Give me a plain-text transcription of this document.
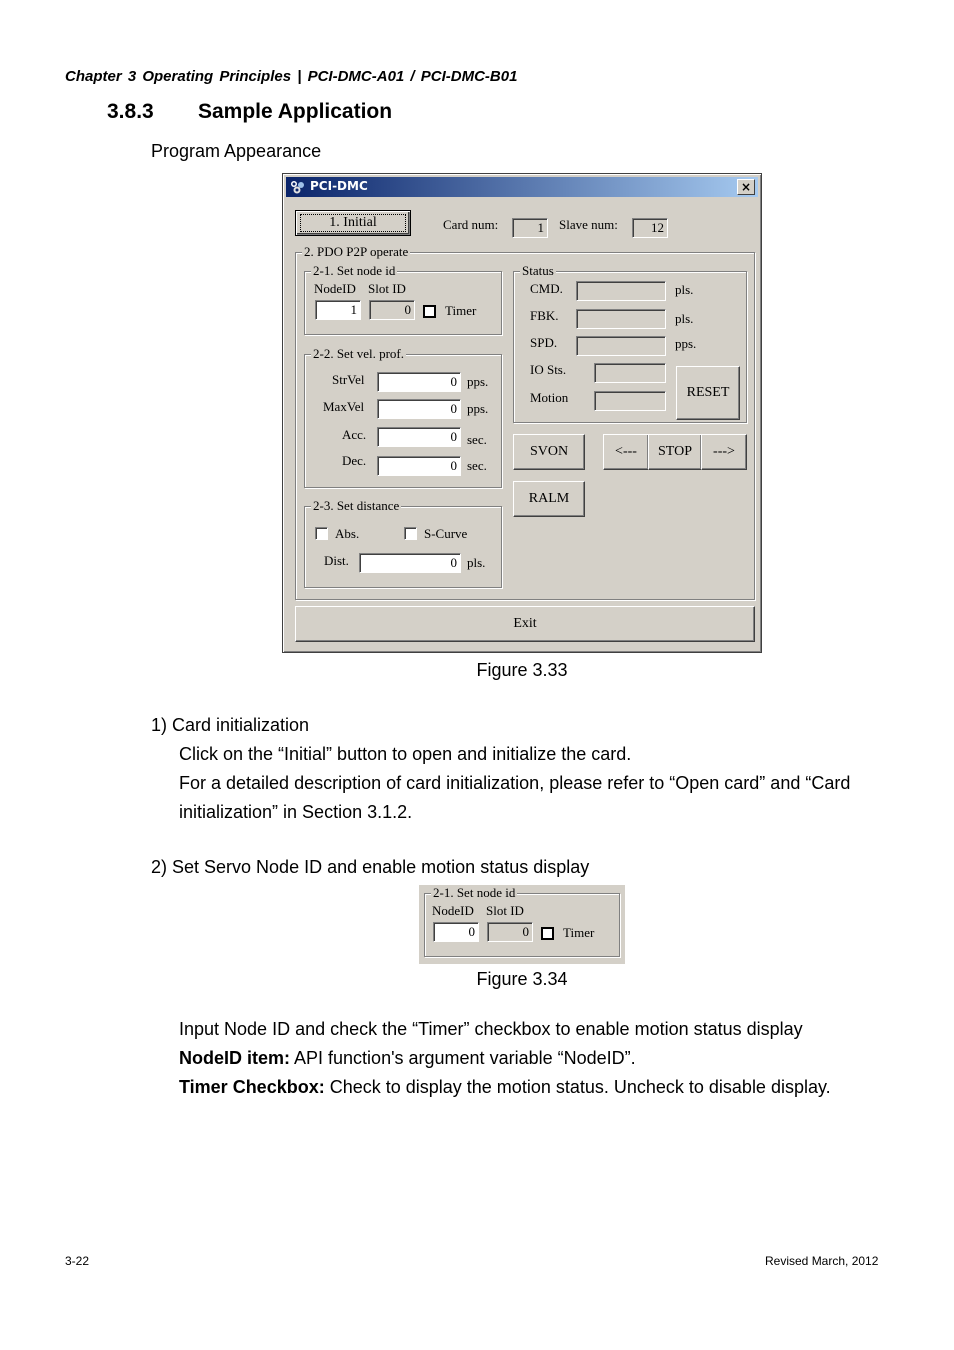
Chapter 3 Operating Principles | PCI-DMC-A01 / PCI-DMC-B01
3.8.3 Sample Application
Program Appearance
PCI-DMC	×
1. Initial	Card num:	1	Slave num:	12
2. PDO P2P operate
2-1. Set node id
NodeID Slot ID
1	0	Timer
2-2. Set vel. prof.
StrVel	0 pps.
MaxVel	0 pps.
Acc.	0 sec.
Dec.	0 sec.
2-3. Set distance
Abs.	S-Curve
Dist.	0 pls.
Status
CMD.	pls.
FBK.	pls.
SPD.	pps.
IO Sts.
Motion	RESET
SVON	<---	STOP	--->
RALM
Exit
Figure 3.33
1) Card initialization
Click on the “Initial” button to open and initialize the card.
For a detailed description of card initialization, please refer to “Open card” and “Card
initialization” in Section 3.1.2.
2) Set Servo Node ID and enable motion status display
2-1. Set node id
NodeID Slot ID
0	0	Timer
Figure 3.34
Input Node ID and check the “Timer” checkbox to enable motion status display
NodeID item: API function's argument variable “NodeID”.
Timer Checkbox: Check to display the motion status. Uncheck to disable display.
3-22	Revised March, 2012
